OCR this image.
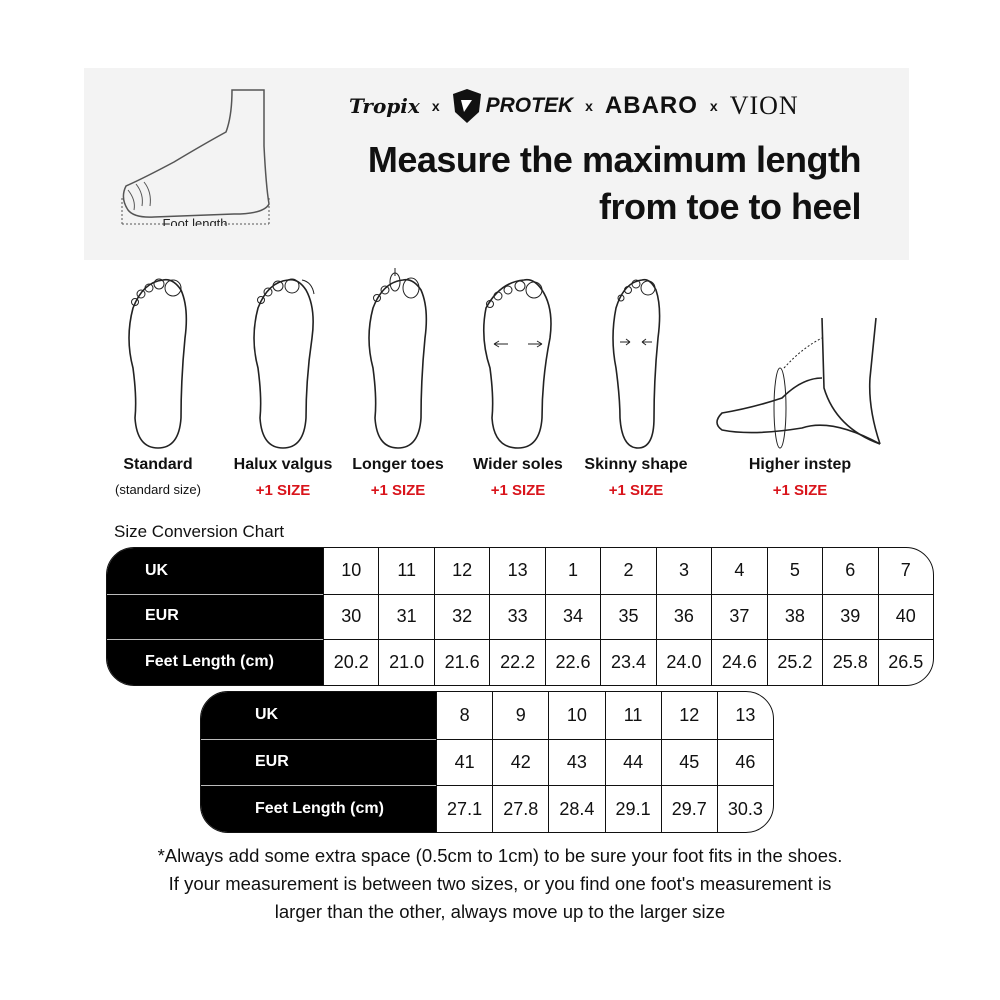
Foot length
Tropix x PROTEK x ABARO x VION
Measure the maximum length
from toe to heel
Standard
(standard size)
Halux valgus
+1 SIZE
Longer toes
+1 SIZE
Wider soles
+1 SIZE
Skinny shape
+1 SIZE
Higher instep
+1 SIZE
Size Conversion Chart
UK	10	11	12	13	1	2	3	4	5	6	7
EUR	30	31	32	33	34	35	36	37	38	39	40
Feet Length (cm)	20.2	21.0	21.6	22.2	22.6	23.4	24.0	24.6	25.2	25.8	26.5
UK	8	9	10	11	12	13
EUR	41	42	43	44	45	46
Feet Length (cm)	27.1	27.8	28.4	29.1	29.7	30.3
*Always add some extra space (0.5cm to 1cm) to be sure your foot fits in the shoes.
If your measurement is between two sizes, or you find one foot's measurement is
larger than the other, always move up to the larger size
